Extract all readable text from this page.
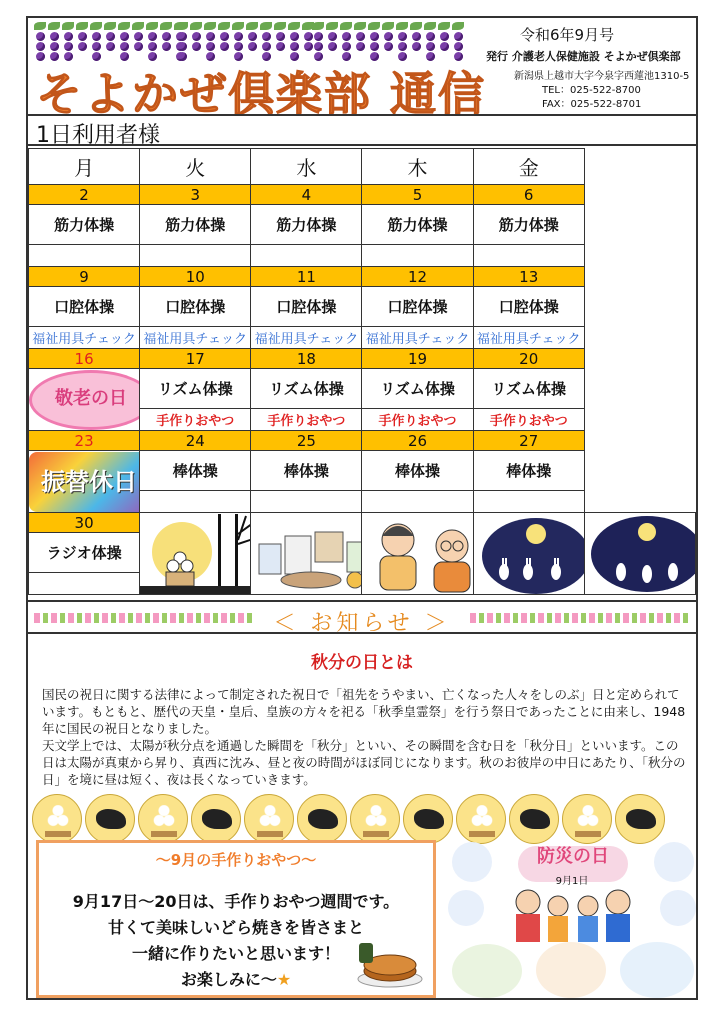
そよかぜ倶楽部 通信
令和6年9月号
発行 介護老人保健施設 そよかぜ倶楽部
新潟県上越市大字今泉字西蓮池1310-5
TEL：025-522-8700
FAX：025-522-8701
1日利用者様
月	火	水	木	金	
2	3	4	5	6	
筋力体操	筋力体操	筋力体操	筋力体操	筋力体操	

9	10	11	12	13	
口腔体操	口腔体操	口腔体操	口腔体操	口腔体操	
福祉用具チェック	福祉用具チェック	福祉用具チェック	福祉用具チェック	福祉用具チェック	
16	17	18	19	20	
敬老の日	リズム体操	リズム体操	リズム体操	リズム体操	
	手作りおやつ	手作りおやつ	手作りおやつ	手作りおやつ	
23	24	25	26	27	
振替休日	棒体操	棒体操	棒体操	棒体操	

30	

ラジオ体操					

＜ お知らせ ＞
秋分の日とは

国民の祝日に関する法律によって制定された祝日で「祖先をうやまい、亡くなった人々をしのぶ」日と定められています。もともと、歴代の天皇・皇后、皇族の方々を祀る「秋季皇霊祭」を行う祭日であったことに由来し、1948年に国民の祝日となりました。

天文学上では、太陽が秋分点を通過した瞬間を「秋分」といい、その瞬間を含む日を「秋分日」といいます。この日は太陽が真東から昇り、真西に沈み、昼と夜の時間がほぼ同じになります。秋のお彼岸の中日にあたり、「秋分の日」を境に昼は短く、夜は長くなっていきます。

～9月の手作りおやつ～
9月17日～20日は、手作りおやつ週間です。
甘くて美味しいどら焼きを皆さまと
一緒に作りたいと思います！
お楽しみに～★
防災の日
9月1日
